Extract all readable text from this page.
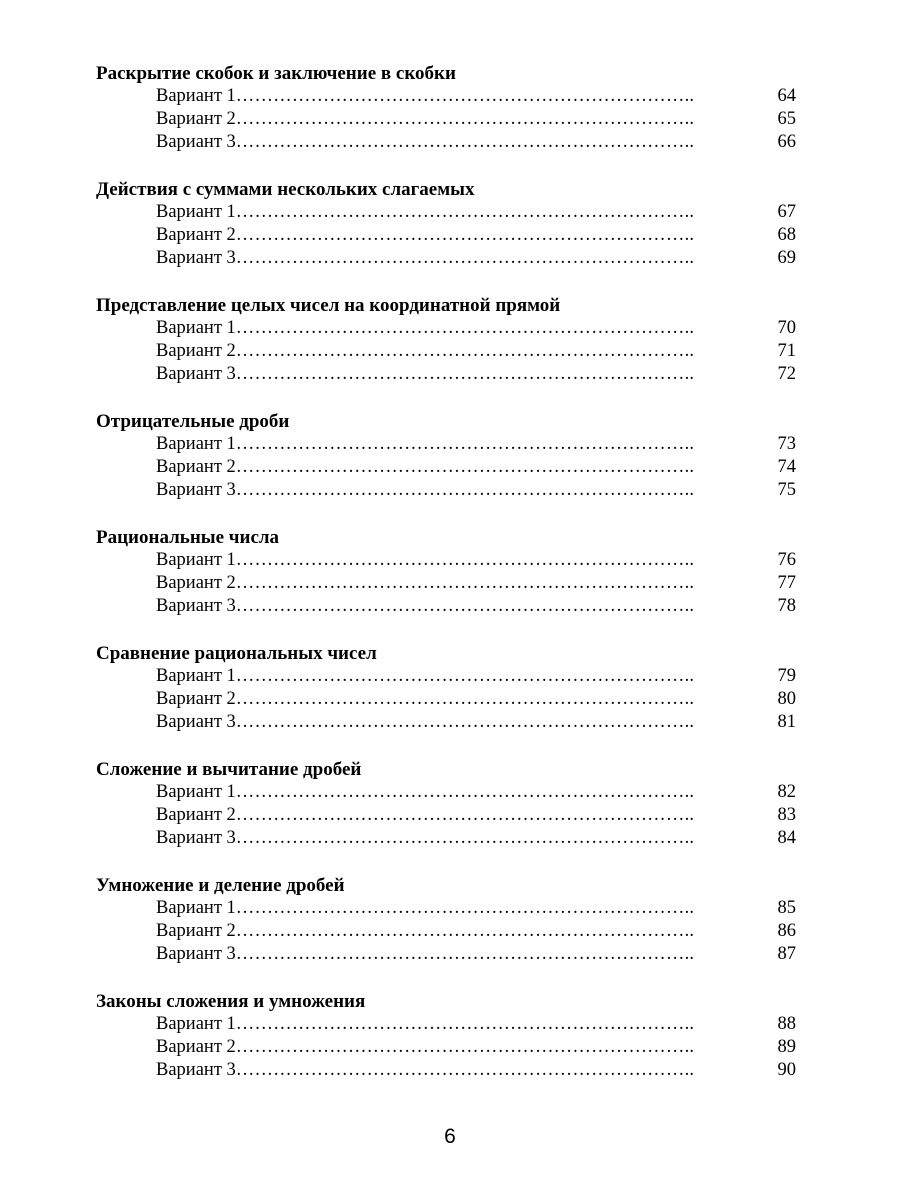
Раскрытие скобок и заключение в скобки

Вариант 1 ………………………………………………………………..	64
Вариант 2 ………………………………………………………………..	65
Вариант 3 ………………………………………………………………..	66

Действия с суммами нескольких слагаемых

Вариант 1 ………………………………………………………………..	67
Вариант 2 ………………………………………………………………..	68
Вариант 3 ………………………………………………………………..	69

Представление целых чисел на координатной прямой

Вариант 1 ………………………………………………………………..	70
Вариант 2 ………………………………………………………………..	71
Вариант 3 ………………………………………………………………..	72

Отрицательные дроби

Вариант 1 ………………………………………………………………..	73
Вариант 2 ………………………………………………………………..	74
Вариант 3 ………………………………………………………………..	75

Рациональные числа

Вариант 1 ………………………………………………………………..	76
Вариант 2 ………………………………………………………………..	77
Вариант 3 ………………………………………………………………..	78

Сравнение рациональных чисел

Вариант 1 ………………………………………………………………..	79
Вариант 2 ………………………………………………………………..	80
Вариант 3 ………………………………………………………………..	81

Сложение и вычитание дробей

Вариант 1 ………………………………………………………………..	82
Вариант 2 ………………………………………………………………..	83
Вариант 3 ………………………………………………………………..	84

Умножение и деление дробей

Вариант 1 ………………………………………………………………..	85
Вариант 2 ………………………………………………………………..	86
Вариант 3 ………………………………………………………………..	87

Законы сложения и умножения

Вариант 1 ………………………………………………………………..	88
Вариант 2 ………………………………………………………………..	89
Вариант 3 ………………………………………………………………..	90
6
